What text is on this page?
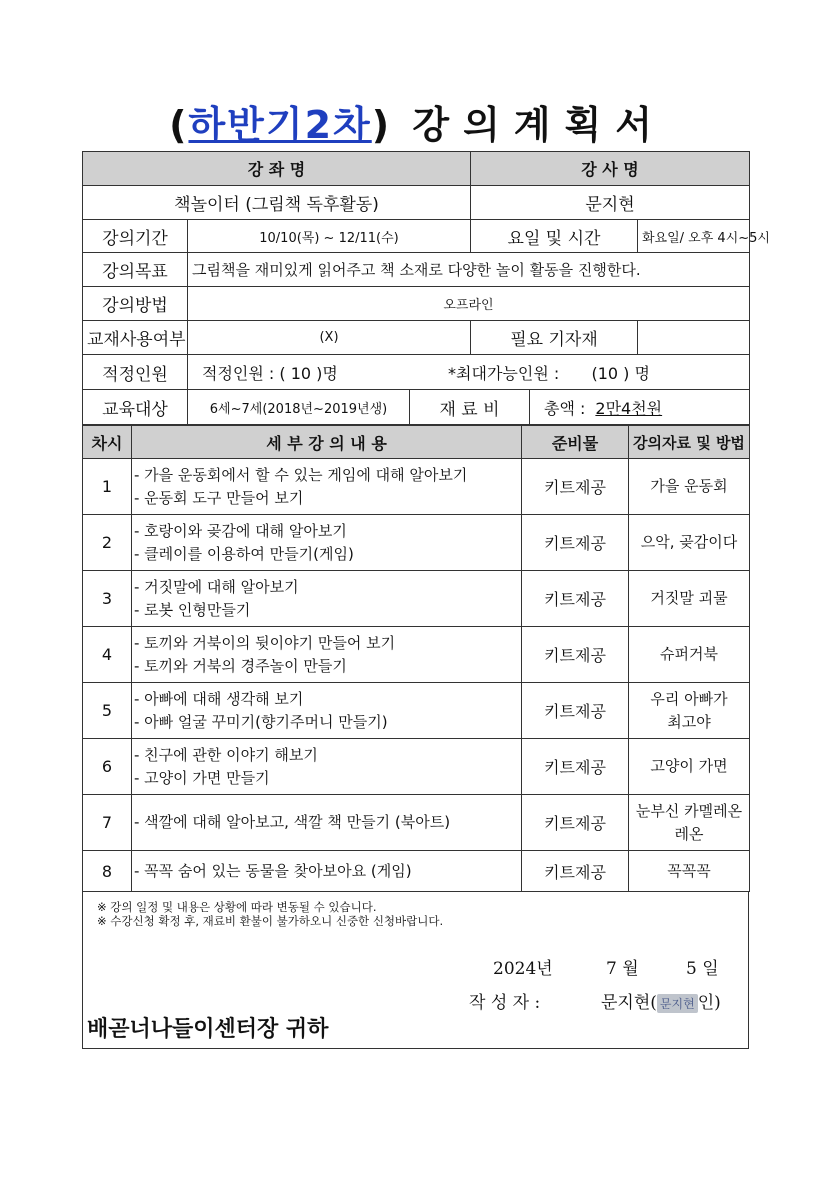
(하반기2차) 강의계획서
강 좌 명			강 사 명		
책놀이터 (그림책 독후활동)			문지현		
강의기간	10/10(목) ~ 12/11(수)		요일 및 시간		화요일/ 오후 4시~5시
강의목표	그림책을 재미있게 읽어주고 책 소재로 다양한 놀이 활동을 진행한다.				
강의방법	오프라인				
교재사용여부	(X)		필요 기자재		
적정인원	적정인원 : ( 10 )명 *최대가능인원 : (10 ) 명				
교육대상	6세~7세(2018년~2019년생)	재 료 비		총액 : 2만4천원	
차시	세 부 강 의 내 용	준비물	강의자료 및 방법
1	- 가을 운동회에서 할 수 있는 게임에 대해 알아보기
- 운동회 도구 만들어 보기	키트제공	가을 운동회
2	- 호랑이와 곶감에 대해 알아보기
- 클레이를 이용하여 만들기(게임)	키트제공	으악, 곶감이다
3	- 거짓말에 대해 알아보기
- 로봇 인형만들기	키트제공	거짓말 괴물
4	- 토끼와 거북이의 뒷이야기 만들어 보기
- 토끼와 거북의 경주놀이 만들기	키트제공	슈퍼거북
5	- 아빠에 대해 생각해 보기
- 아빠 얼굴 꾸미기(향기주머니 만들기)	키트제공	우리 아빠가 최고야
6	- 친구에 관한 이야기 해보기
- 고양이 가면 만들기	키트제공	고양이 가면
7	- 색깔에 대해 알아보고, 색깔 책 만들기 (북아트)	키트제공	눈부신 카멜레온 레온
8	- 꼭꼭 숨어 있는 동물을 찾아보아요 (게임)	키트제공	꼭꼭꼭
※ 강의 일정 및 내용은 상황에 따라 변동될 수 있습니다.
※ 수강신청 확정 후, 재료비 환불이 불가하오니 신중한 신청바랍니다.
2024년	7 월	5 일
작 성 자 :	문지현( 문지현 인)
배곧너나들이센터장 귀하
